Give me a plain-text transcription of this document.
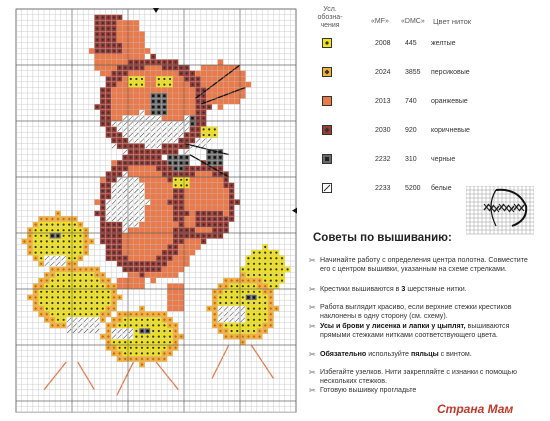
Усл. обозна-чения
«MF» «DMC» Цвет ниток
2008 445 желтые
2024 3855 персиковые
2013 740 оранжевые
2030 920 коричневые
2232 310 черные
2233 5200 белые
Советы по вышиванию:
✂ Начинайте работу с определения центра полотна. Совместите его с центром вышивки, указанным на схеме стрелками.
✂ Крестики вышиваются в 3 шерстяные нитки.
✂ Работа выглядит красиво, если верхние стежки крестиков наклонены в одну сторону (см. схему).
✂ Усы и брови у лисенка и лапки у цыплят, вышиваются прямыми стежками нитками соответствующего цвета.
✂ Обязательно используйте пяльцы с винтом.
✂ Избегайте узелков. Нити закрепляйте с изнанки с помощью нескольких стежков.
✂ Готовую вышивку прогладьте
Страна Мам
